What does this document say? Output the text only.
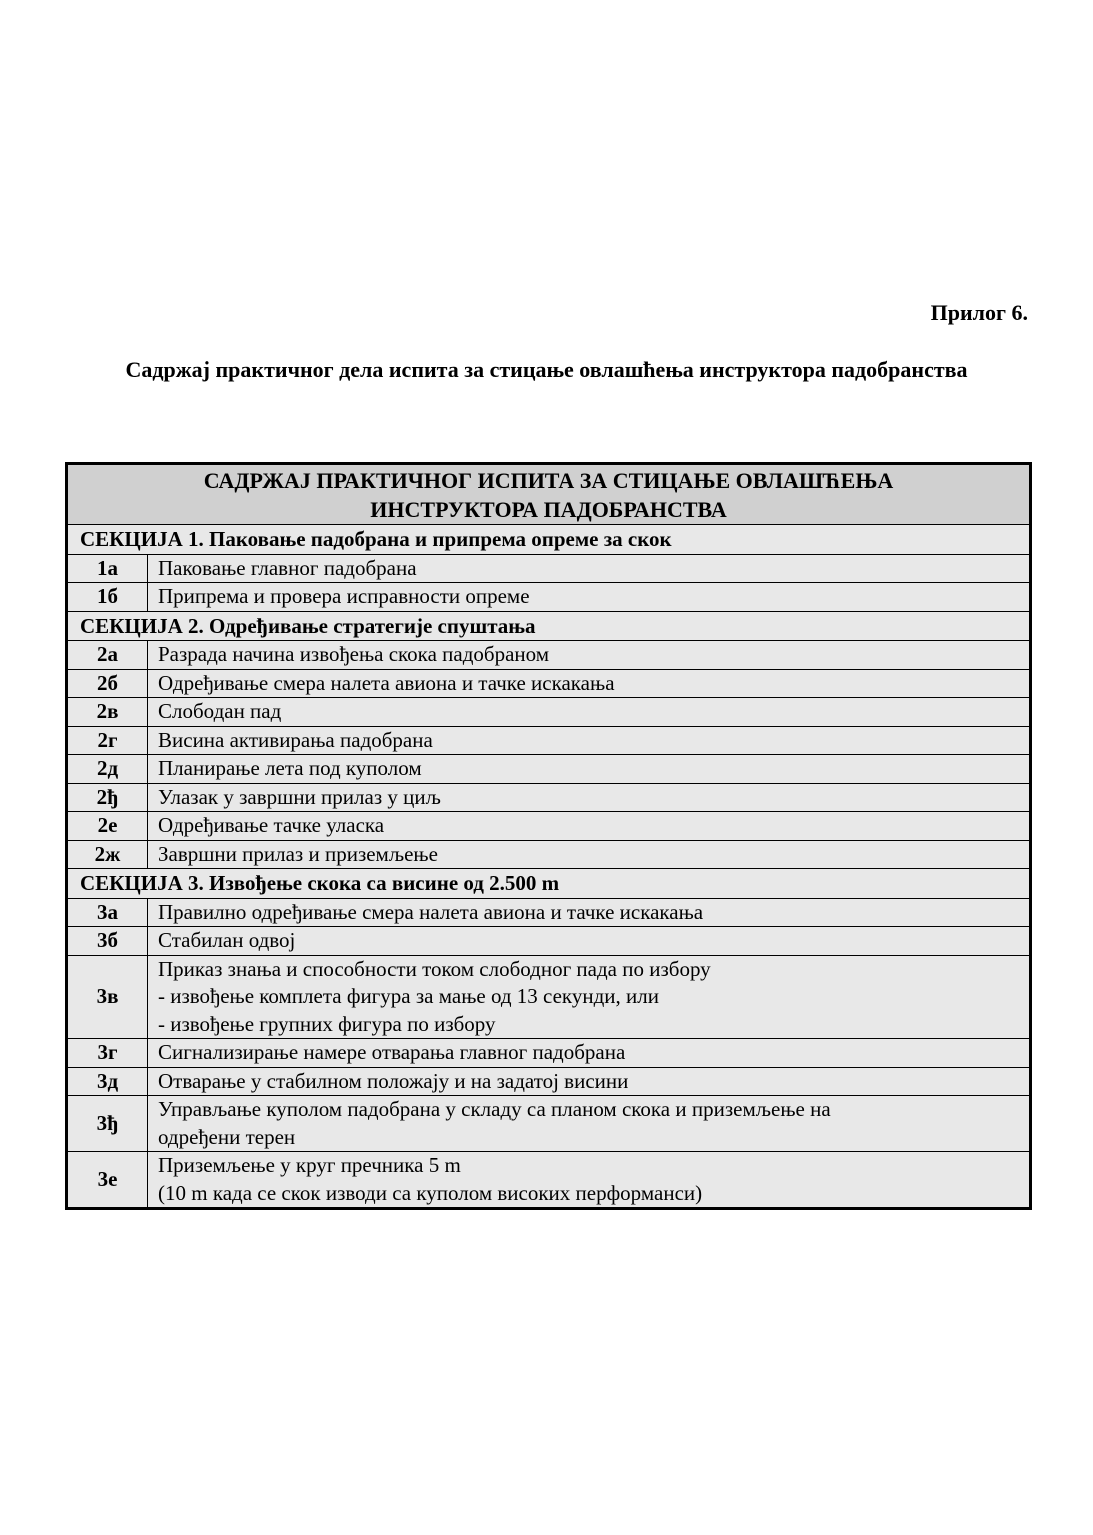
Прилог 6.

Садржај практичног дела испита за стицање овлашћења инструктора падобранства

САДРЖАЈ ПРАКТИЧНОГ ИСПИТА ЗА СТИЦАЊЕ ОВЛАШЋЕЊА
ИНСТРУКТОРА ПАДОБРАНСТВА	

СЕКЦИЈА 1. Паковање падобрана и припрема опреме за скок	
1а	Паковање главног падобрана

1б	Припрема и провера исправности опреме

СЕКЦИЈА 2. Одређивање стратегије спуштања	
2а	Разрада начина извођења скока падобраном

2б	Одређивање смера налета авиона и тачке искакања

2в	Слободан пад

2г	Висина активирања падобрана

2д	Планирање лета под куполом

2ђ	Улазак у завршни прилаз у циљ

2е	Одређивање тачке уласка

2ж	Завршни прилаз и приземљење

СЕКЦИЈА 3. Извођење скока са висине од 2.500 m	
3а	Правилно одређивање смера налета авиона и тачке искакања

3б	Стабилан одвој

3в	Приказ знања и способности током слободног пада по избору
- извођење комплета фигура за мање од 13 секунди, или
- извођење групних фигура по избору

3г	Сигнализирање намере отварања главног падобрана

3д	Отварање у стабилном положају и на задатој висини

3ђ	Управљање куполом падобрана у складу са планом скока и приземљење на
одређени терен

3е	Приземљење у круг пречника 5 m
(10 m када се скок изводи са куполом високих перформанси)
